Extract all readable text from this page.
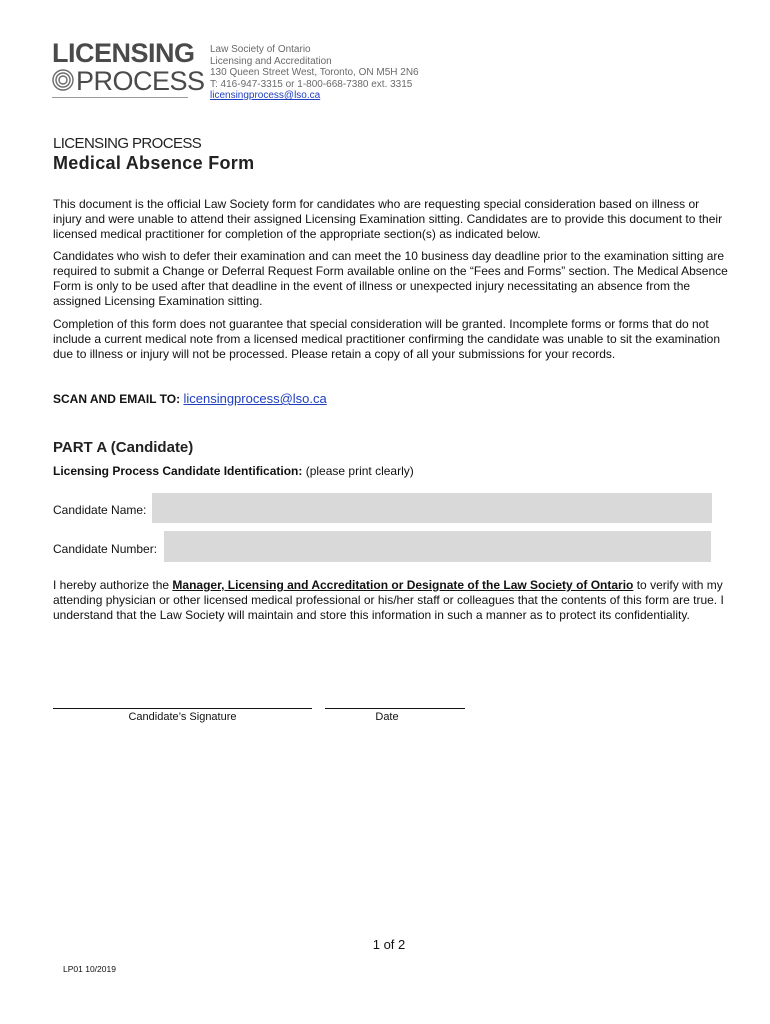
LICENSING
PROCESS
Law Society of Ontario
Licensing and Accreditation
130 Queen Street West, Toronto, ON M5H 2N6
T: 416-947-3315 or 1-800-668-7380 ext. 3315
licensingprocess@lso.ca
LICENSING PROCESS
Medical Absence Form
This document is the official Law Society form for candidates who are requesting special consideration based on illness or injury and were unable to attend their assigned Licensing Examination sitting. Candidates are to provide this document to their licensed medical practitioner for completion of the appropriate section(s) as indicated below.
Candidates who wish to defer their examination and can meet the 10 business day deadline prior to the examination sitting are required to submit a Change or Deferral Request Form available online on the “Fees and Forms” section. The Medical Absence Form is only to be used after that deadline in the event of illness or unexpected injury necessitating an absence from the assigned Licensing Examination sitting.
Completion of this form does not guarantee that special consideration will be granted. Incomplete forms or forms that do not include a current medical note from a licensed medical practitioner confirming the candidate was unable to sit the examination due to illness or injury will not be processed. Please retain a copy of all your submissions for your records.
SCAN AND EMAIL TO: licensingprocess@lso.ca
PART A (Candidate)
Licensing Process Candidate Identification: (please print clearly)
Candidate Name:
Candidate Number:
I hereby authorize the Manager, Licensing and Accreditation or Designate of the Law Society of Ontario to verify with my attending physician or other licensed medical professional or his/her staff or colleagues that the contents of this form are true. I understand that the Law Society will maintain and store this information in such a manner as to protect its confidentiality.
Candidate’s Signature	Date
1 of 2
LP01 10/2019
